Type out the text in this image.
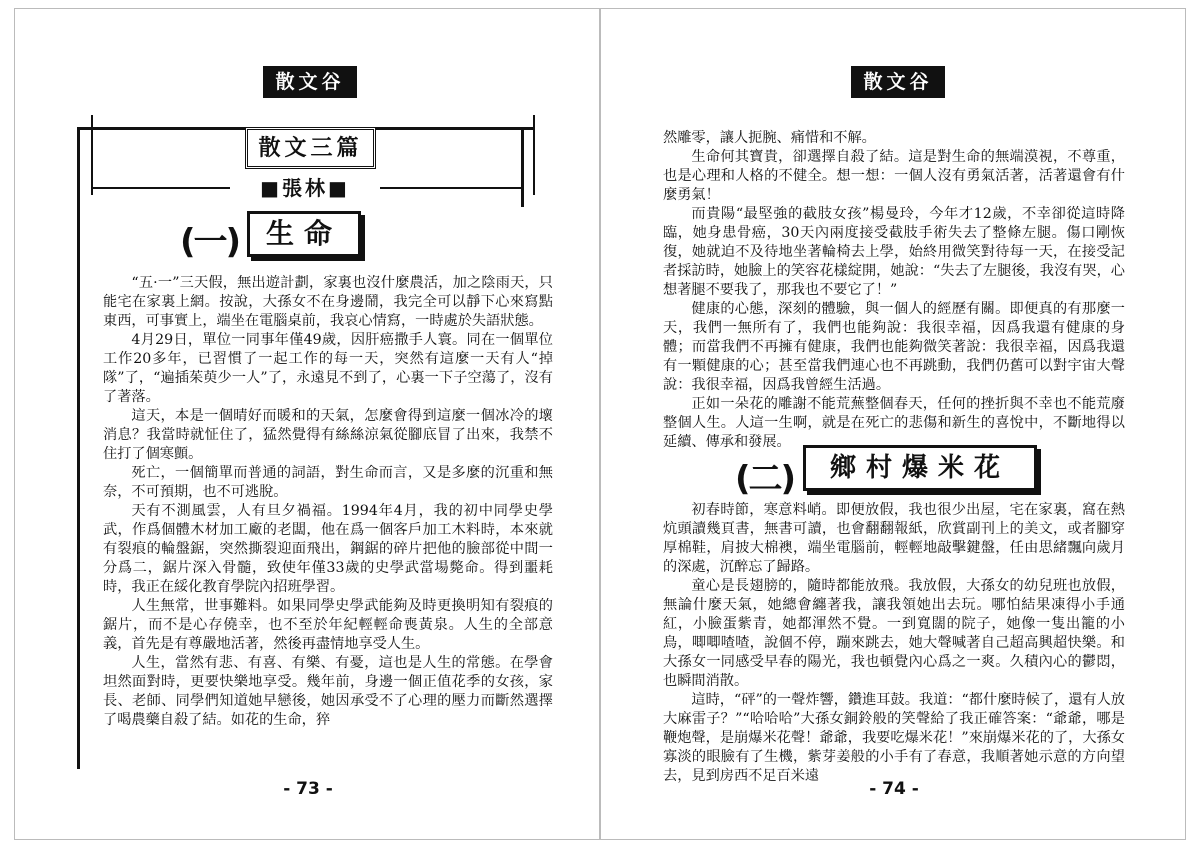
散文谷
散文三篇
■張林■
(一) 生命

“五·一”三天假，無出遊計劃，家裏也沒什麼農活，加之陰雨天，只能宅在家裏上網。按說，大孫女不在身邊鬧，我完全可以靜下心來寫點東西，可事實上，端坐在電腦桌前，我哀心情寫，一時處於失語狀態。

4月29日，單位一同事年僅49歲，因肝癌撒手人寰。同在一個單位工作20多年，已習慣了一起工作的每一天，突然有這麼一天有人“掉隊”了，“遍插茱萸少一人”了，永遠見不到了，心裏一下子空蕩了，沒有了著落。

這天，本是一個晴好而暖和的天氣，怎麼會得到這麼一個冰冷的壞消息？我當時就怔住了，猛然覺得有絲絲涼氣從腳底冒了出來，我禁不住打了個寒顫。

死亡，一個簡單而普通的詞語，對生命而言，又是多麼的沉重和無奈，不可預期，也不可逃脫。

天有不測風雲，人有旦夕禍福。1994年4月，我的初中同學史學武，作爲個體木材加工廠的老闆，他在爲一個客戶加工木料時，本來就有裂痕的輪盤鋸，突然撕裂迎面飛出，鋼鋸的碎片把他的臉部從中間一分爲二，鋸片深入骨髓，致使年僅33歲的史學武當場斃命。得到噩耗時，我正在綏化教育學院內招班學習。

人生無常，世事難料。如果同學史學武能夠及時更換明知有裂痕的鋸片，而不是心存僥幸，也不至於年紀輕輕命喪黃泉。人生的全部意義，首先是有尊嚴地活著，然後再盡情地享受人生。

人生，當然有悲、有喜、有樂、有憂，這也是人生的常態。在學會坦然面對時，更要快樂地享受。幾年前，身邊一個正值花季的女孩，家長、老師、同學們知道她早戀後，她因承受不了心理的壓力而斷然選擇了喝農藥自殺了結。如花的生命，猝

- 73 -
散文谷

然雕零，讓人扼腕、痛惜和不解。

生命何其寶貴，卻選擇自殺了結。這是對生命的無端漠視，不尊重，也是心理和人格的不健全。想一想：一個人沒有勇氣活著，活著還會有什麼勇氣！

而貴陽“最堅強的截肢女孩”楊曼玲，今年才12歲，不幸卻從這時降臨，她身患骨癌，30天內兩度接受截肢手術失去了整條左腿。傷口剛恢復，她就迫不及待地坐著輪椅去上學，始終用微笑對待每一天，在接受記者採訪時，她臉上的笑容花樣綻開，她說：“失去了左腿後，我沒有哭，心想著腿不要我了，那我也不要它了！”

健康的心態，深刻的體驗，與一個人的經歷有關。即便真的有那麼一天，我們一無所有了，我們也能夠說：我很幸福，因爲我還有健康的身體；而當我們不再擁有健康，我們也能夠微笑著說：我很幸福，因爲我還有一顆健康的心；甚至當我們連心也不再跳動，我們仍舊可以對宇宙大聲說：我很幸福，因爲我曾經生活過。

正如一朵花的雕謝不能荒蕪整個春天，任何的挫折與不幸也不能荒廢整個人生。人這一生啊，就是在死亡的悲傷和新生的喜悅中，不斷地得以延續、傳承和發展。

(二)	鄉村爆米花

初春時節，寒意料峭。即便放假，我也很少出屋，宅在家裏，窩在熱炕頭讀幾頁書，無書可讀，也會翻翻報紙，欣賞副刊上的美文，或者腳穿厚棉鞋，肩披大棉襖，端坐電腦前，輕輕地敲擊鍵盤，任由思緒飄向歲月的深處，沉醉忘了歸路。

童心是長翅膀的，隨時都能放飛。我放假，大孫女的幼兒班也放假，無論什麼天氣，她總會纏著我，讓我領她出去玩。哪怕結果凍得小手通紅，小臉蛋紫青，她都渾然不覺。一到寬闊的院子，她像一隻出籠的小鳥，唧唧喳喳，說個不停，蹦來跳去，她大聲喊著自己超高興超快樂。和大孫女一同感受早春的陽光，我也頓覺內心爲之一爽。久積內心的鬱悶，也瞬間消散。

這時，“砰”的一聲炸響，鑽進耳鼓。我道：“都什麼時候了，還有人放大麻雷子？”“哈哈哈”大孫女銅鈴般的笑聲給了我正確答案：“爺爺，哪是鞭炮聲，是崩爆米花聲！爺爺，我要吃爆米花！”來崩爆米花的了，大孫女寡淡的眼臉有了生機，紫芽姜般的小手有了春意，我順著她示意的方向望去，見到房西不足百米遠

- 74 -
